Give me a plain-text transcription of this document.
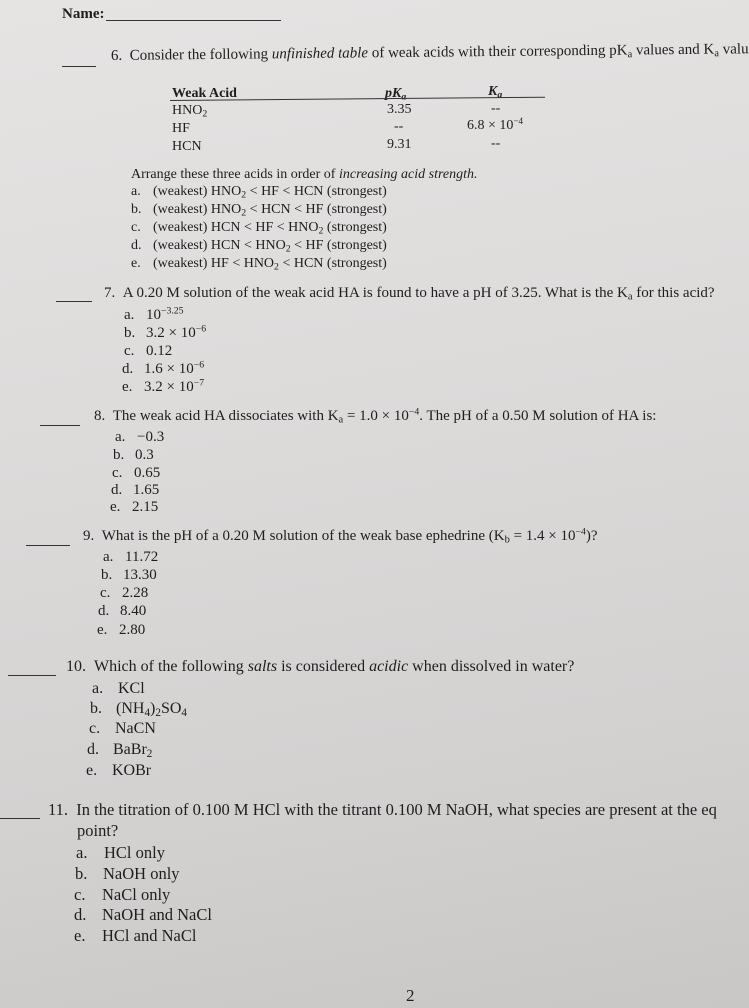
Name:
6. Consider the following unfinished table of weak acids with their corresponding $pK_a$ values and $K_a$ valu
Weak Acid	$pK_a$	$K_a$
$HNO_2$	3.35	--
HF	--	$6.8 \times 10^{-4}$
HCN	9.31	--
Arrange these three acids in order of increasing acid strength.
a. (weakest) $HNO_2$ < HF < HCN (strongest)
b. (weakest) $HNO_2$ < HCN < HF (strongest)
c. (weakest) HCN < HF < $HNO_2$ (strongest)
d. (weakest) HCN < $HNO_2$ < HF (strongest)
e. (weakest) HF < $HNO_2$ < HCN (strongest)
7. A 0.20 M solution of the weak acid HA is found to have a pH of 3.25. What is the $K_a$ for this acid?
a. $10^{-3.25}$
b. $3.2 \times 10^{-6}$
c. 0.12
d. $1.6 \times 10^{-6}$
e. $3.2 \times 10^{-7}$
8. The weak acid HA dissociates with $K_a = 1.0 \times 10^{-4}$. The pH of a 0.50 M solution of HA is:
a. −0.3
b. 0.3
c. 0.65
d. 1.65
e. 2.15
9. What is the pH of a 0.20 M solution of the weak base ephedrine $(K_b = 1.4 \times 10^{-4})$?
a. 11.72
b. 13.30
c. 2.28
d. 8.40
e. 2.80
10. Which of the following salts is considered acidic when dissolved in water?
a. KCl
b. $(NH_4)_2SO_4$
c. NaCN
d. BaBr$_2$
e. KOBr
11. In the titration of 0.100 M HCl with the titrant 0.100 M NaOH, what species are present at the eq
point?
a. HCl only
b. NaOH only
c. NaCl only
d. NaOH and NaCl
e. HCl and NaCl
2
